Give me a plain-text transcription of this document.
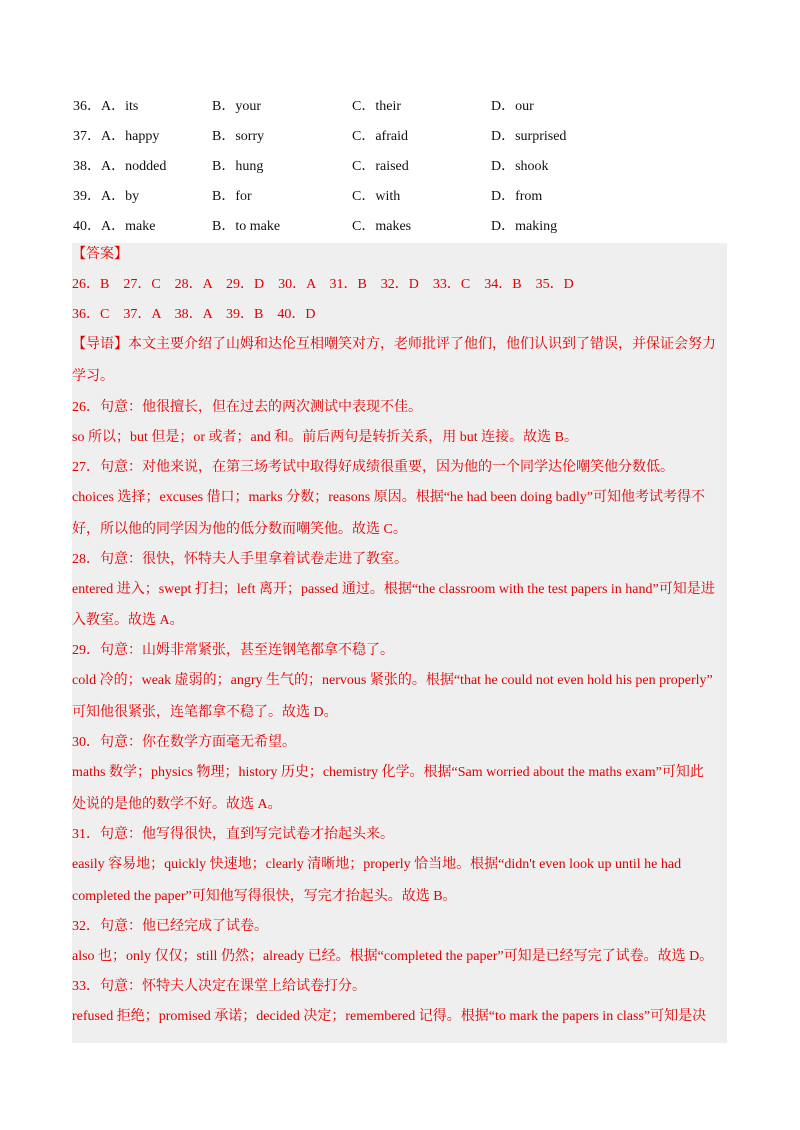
36．A．its	B．your	C．their	D．our
37．A．happy	B．sorry	C．afraid	D．surprised
38．A．nodded	B．hung	C．raised	D．shook
39．A．by	B．for	C．with	D．from
40．A．make	B．to make	C．makes	D．making
【答案】
26．B　27．C　28．A　29．D　30．A　31．B　32．D　33．C　34．B　35．D
36．C　37．A　38．A　39．B　40．D
【导语】本文主要介绍了山姆和达伦互相嘲笑对方，老师批评了他们，他们认识到了错误，并保证会努力
学习。
26．句意：他很擅长，但在过去的两次测试中表现不佳。
so 所以；but 但是；or 或者；and 和。前后两句是转折关系，用 but 连接。故选 B。
27．句意：对他来说，在第三场考试中取得好成绩很重要，因为他的一个同学达伦嘲笑他分数低。
choices 选择；excuses 借口；marks 分数；reasons 原因。根据“he had been doing badly”可知他考试考得不
好，所以他的同学因为他的低分数而嘲笑他。故选 C。
28．句意：很快，怀特夫人手里拿着试卷走进了教室。
entered 进入；swept 打扫；left 离开；passed 通过。根据“the classroom with the test papers in hand”可知是进
入教室。故选 A。
29．句意：山姆非常紧张，甚至连钢笔都拿不稳了。
cold 冷的；weak 虚弱的；angry 生气的；nervous 紧张的。根据“that he could not even hold his pen properly”
可知他很紧张，连笔都拿不稳了。故选 D。
30．句意：你在数学方面毫无希望。
maths 数学；physics 物理；history 历史；chemistry 化学。根据“Sam worried about the maths exam”可知此
处说的是他的数学不好。故选 A。
31．句意：他写得很快，直到写完试卷才抬起头来。
easily 容易地；quickly 快速地；clearly 清晰地；properly 恰当地。根据“didn't even look up until he had
completed the paper”可知他写得很快，写完才抬起头。故选 B。
32．句意：他已经完成了试卷。
also 也；only 仅仅；still 仍然；already 已经。根据“completed the paper”可知是已经写完了试卷。故选 D。
33．句意：怀特夫人决定在课堂上给试卷打分。
refused 拒绝；promised 承诺；decided 决定；remembered 记得。根据“to mark the papers in class”可知是决
